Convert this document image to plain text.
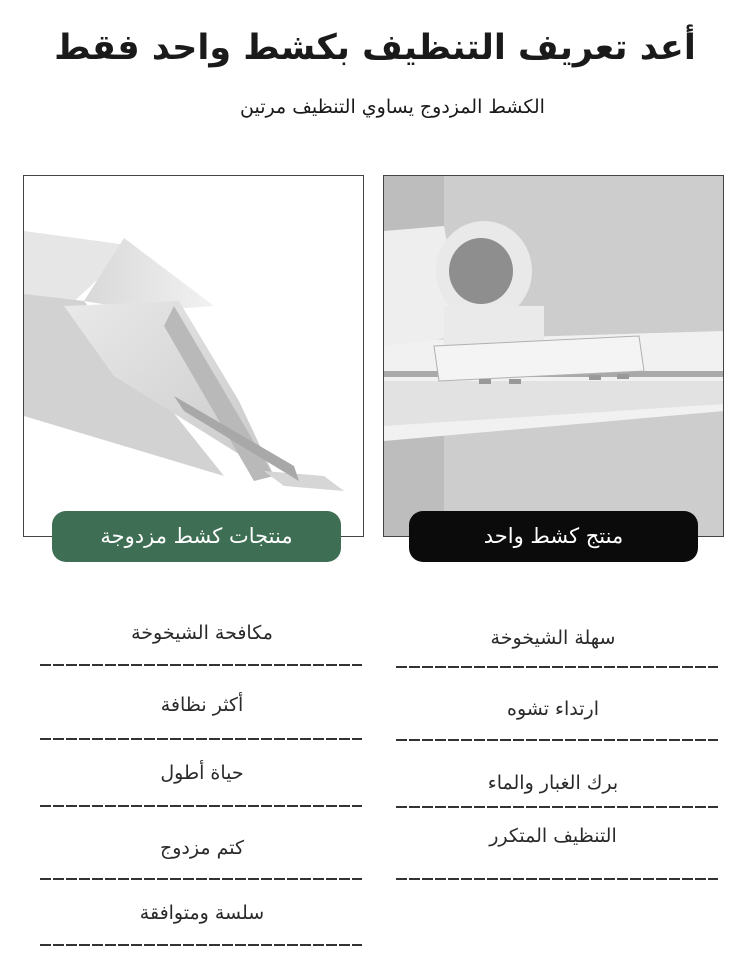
أعد تعريف التنظيف بكشط واحد فقط
الكشط المزدوج يساوي التنظيف مرتين
منتجات كشط مزدوجة	منتج كشط واحد
مكافحة الشيخوخة
أكثر نظافة
حياة أطول
كتم مزدوج
سلسة ومتوافقة
سهلة الشيخوخة
ارتداء تشوه
برك الغبار والماء
التنظيف المتكرر
